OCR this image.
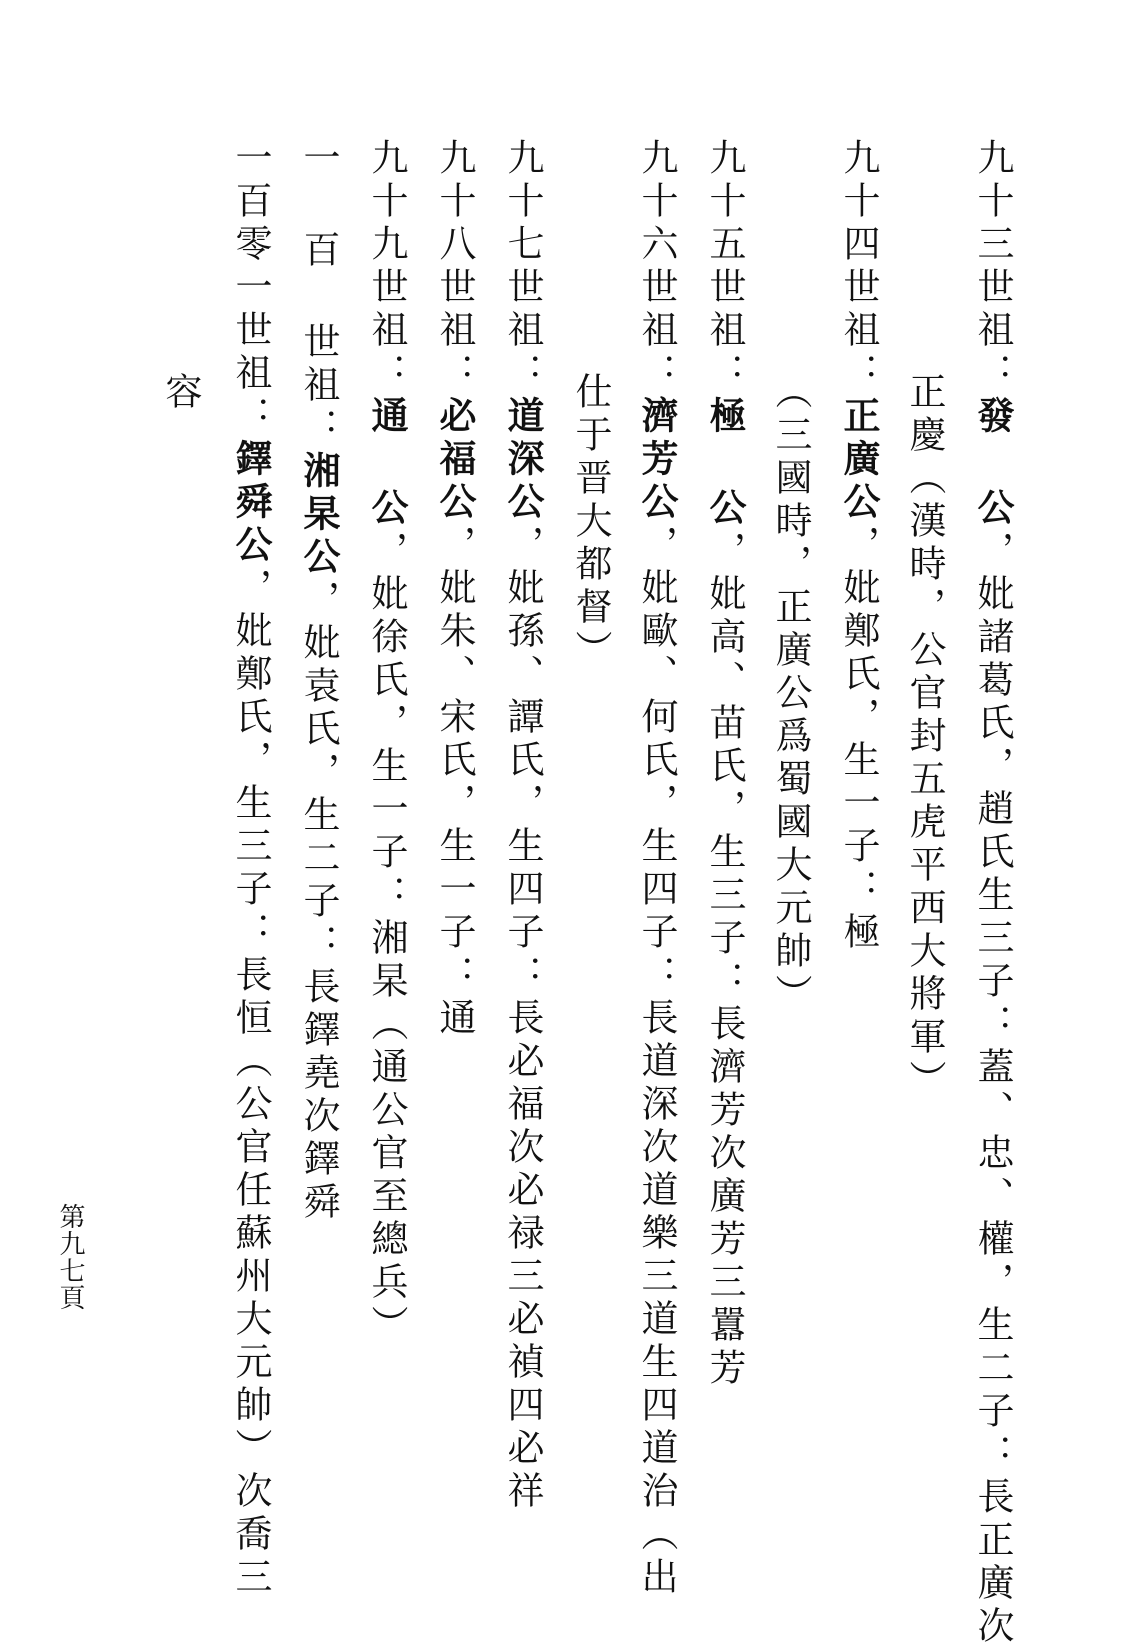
九十三世祖：發 公，妣諸葛氏，趙氏生三子：蓋、忠、權，生二子：長正廣次
正慶（漢時，公官封五虎平西大將軍）
九十四世祖：正廣公，妣鄭氏，生一子：極
（三國時，正廣公爲蜀國大元帥）
九十五世祖：極 公，妣高、苗氏，生三子：長濟芳次廣芳三囂芳
九十六世祖：濟芳公，妣歐、何氏，生四子：長道深次道樂三道生四道治（出
仕于晋大都督）
九十七世祖：道深公，妣孫、譚氏，生四子：長必福次必禄三必禎四必祥
九十八世祖：必福公，妣朱、宋氏，生一子：通
九十九世祖：通 公，妣徐氏，生一子：湘杲（通公官至總兵）
一 百 世祖：湘杲公，妣袁氏，生二子：長鐸堯次鐸舜
一百零一世祖：鐸舜公，妣鄭氏，生三子：長恒（公官任蘇州大元帥）次喬三
容
第九七頁
